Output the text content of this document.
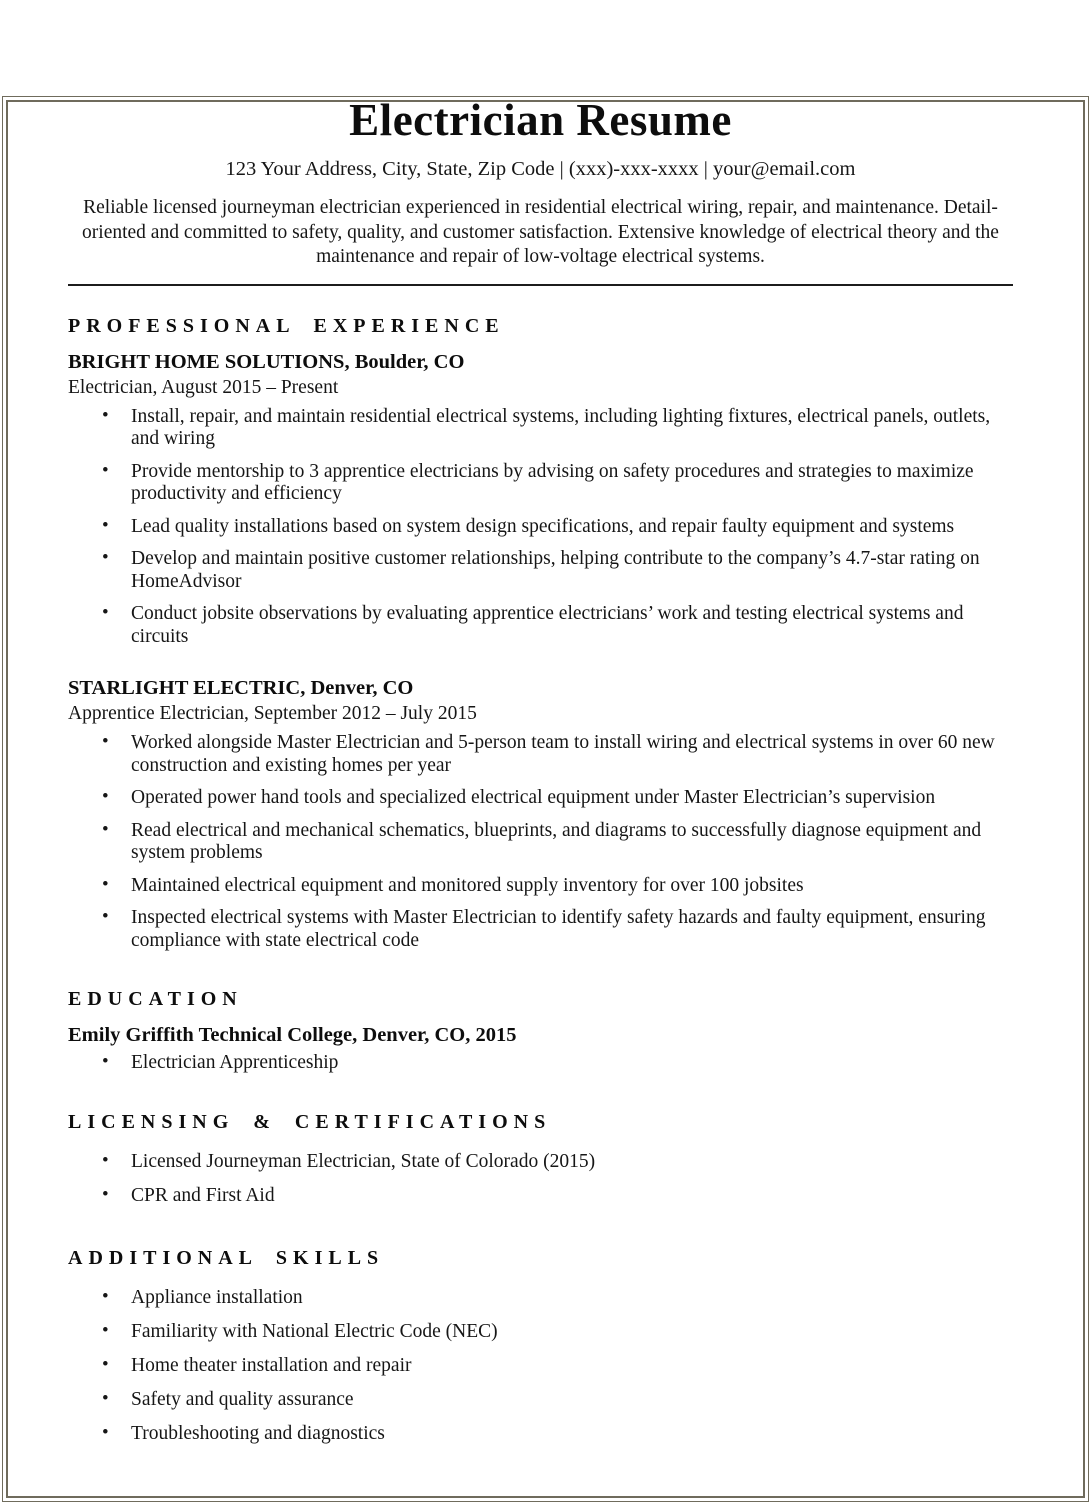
Electrician Resume

123 Your Address, City, State, Zip Code | (xxx)-xxx-xxxx | your@email.com

Reliable licensed journeyman electrician experienced in residential electrical wiring, repair, and maintenance. Detail-oriented and committed to safety, quality, and customer satisfaction. Extensive knowledge of electrical theory and the maintenance and repair of low-voltage electrical systems.

PROFESSIONAL EXPERIENCE
BRIGHT HOME SOLUTIONS, Boulder, CO

Electrician, August 2015 – Present

• Install, repair, and maintain residential electrical systems, including lighting fixtures, electrical panels, outlets, and wiring
• Provide mentorship to 3 apprentice electricians by advising on safety procedures and strategies to maximize productivity and efficiency
• Lead quality installations based on system design specifications, and repair faulty equipment and systems
• Develop and maintain positive customer relationships, helping contribute to the company’s 4.7-star rating on HomeAdvisor
• Conduct jobsite observations by evaluating apprentice electricians’ work and testing electrical systems and circuits
STARLIGHT ELECTRIC, Denver, CO

Apprentice Electrician, September 2012 – July 2015

• Worked alongside Master Electrician and 5-person team to install wiring and electrical systems in over 60 new construction and existing homes per year
• Operated power hand tools and specialized electrical equipment under Master Electrician’s supervision
• Read electrical and mechanical schematics, blueprints, and diagrams to successfully diagnose equipment and system problems
• Maintained electrical equipment and monitored supply inventory for over 100 jobsites
• Inspected electrical systems with Master Electrician to identify safety hazards and faulty equipment, ensuring compliance with state electrical code
EDUCATION
Emily Griffith Technical College, Denver, CO, 2015
• Electrician Apprenticeship
LICENSING & CERTIFICATIONS
• Licensed Journeyman Electrician, State of Colorado (2015)
• CPR and First Aid
ADDITIONAL SKILLS
• Appliance installation
• Familiarity with National Electric Code (NEC)
• Home theater installation and repair
• Safety and quality assurance
• Troubleshooting and diagnostics
